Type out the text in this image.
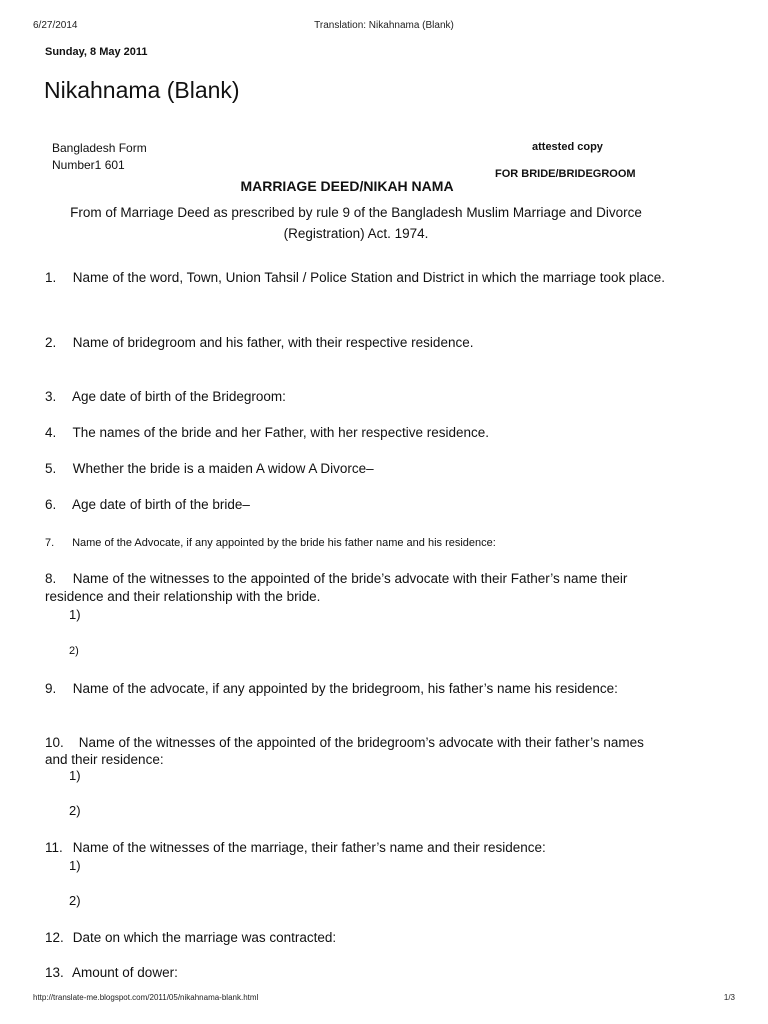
6/27/2014	Translation: Nikahnama (Blank)
Sunday, 8 May 2011
Nikahnama (Blank)
Bangladesh Form
Number1 601
attested copy
FOR BRIDE/BRIDEGROOM
MARRIAGE DEED/NIKAH NAMA
From of Marriage Deed as prescribed by rule 9 of the Bangladesh Muslim Marriage and Divorce (Registration) Act. 1974.
1. Name of the word, Town, Union Tahsil / Police Station and District in which the marriage took place.
2. Name of bridegroom and his father, with their respective residence.
3. Age date of birth of the Bridegroom:
4. The names of the bride and her Father, with her respective residence.
5. Whether the bride is a maiden A widow A Divorce–
6. Age date of birth of the bride–
7. Name of the Advocate, if any appointed by the bride his father name and his residence:
8. Name of the witnesses to the appointed of the bride’s advocate with their Father’s name their residence and their relationship with the bride.
1)
2)
9. Name of the advocate, if any appointed by the bridegroom, his father’s name his residence:
10. Name of the witnesses of the appointed of the bridegroom’s advocate with their father’s names and their residence:
1)
2)
11. Name of the witnesses of the marriage, their father’s name and their residence:
1)
2)
12. Date on which the marriage was contracted:
13. Amount of dower:
http://translate-me.blogspot.com/2011/05/nikahnama-blank.html	1/3
